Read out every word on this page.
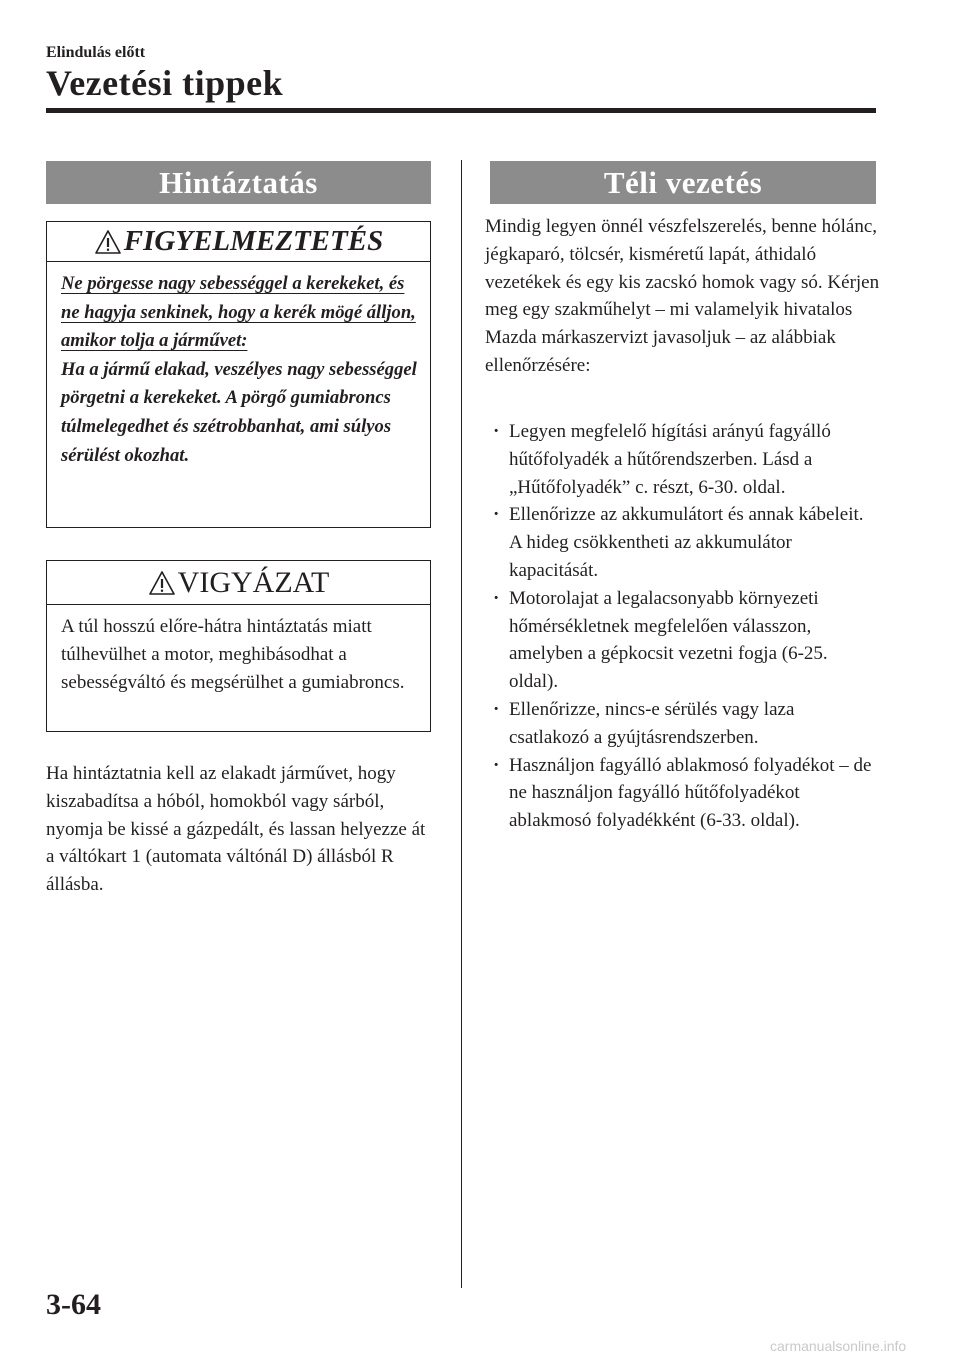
Elindulás előtt
Vezetési tippek
Hintáztatás
FIGYELMEZTETÉS

Ne pörgesse nagy sebességgel a kerekeket, és ne hagyja senkinek, hogy a kerék mögé álljon, amikor tolja a járművet:
Ha a jármű elakad, veszélyes nagy sebességgel pörgetni a kerekeket. A pörgő gumiabroncs túlmelegedhet és szétrobbanhat, ami súlyos sérülést okozhat.

VIGYÁZAT

A túl hosszú előre-hátra hintáztatás miatt túlhevülhet a motor, meghibásodhat a sebességváltó és megsérülhet a gumiabroncs.

Ha hintáztatnia kell az elakadt járművet, hogy kiszabadítsa a hóból, homokból vagy sárból, nyomja be kissé a gázpedált, és lassan helyezze át a váltókart 1 (automata váltónál D) állásból R állásba.

Téli vezetés

Mindig legyen önnél vészfelszerelés, benne hólánc, jégkaparó, tölcsér, kisméretű lapát, áthidaló vezetékek és egy kis zacskó homok vagy só. Kérjen meg egy szakműhelyt – mi valamelyik hivatalos Mazda márkaszervizt javasoljuk – az alábbiak ellenőrzésére:

· Legyen megfelelő hígítási arányú fagyálló hűtőfolyadék a hűtőrendszerben. Lásd a „Hűtőfolyadék” c. részt, 6-30. oldal.
· Ellenőrizze az akkumulátort és annak kábeleit. A hideg csökkentheti az akkumulátor kapacitását.
· Motorolajat a legalacsonyabb környezeti hőmérsékletnek megfelelően válasszon, amelyben a gépkocsit vezetni fogja (6-25. oldal).
· Ellenőrizze, nincs-e sérülés vagy laza csatlakozó a gyújtásrendszerben.
· Használjon fagyálló ablakmosó folyadékot – de ne használjon fagyálló hűtőfolyadékot ablakmosó folyadékként (6-33. oldal).
3-64
carmanualsonline.info
